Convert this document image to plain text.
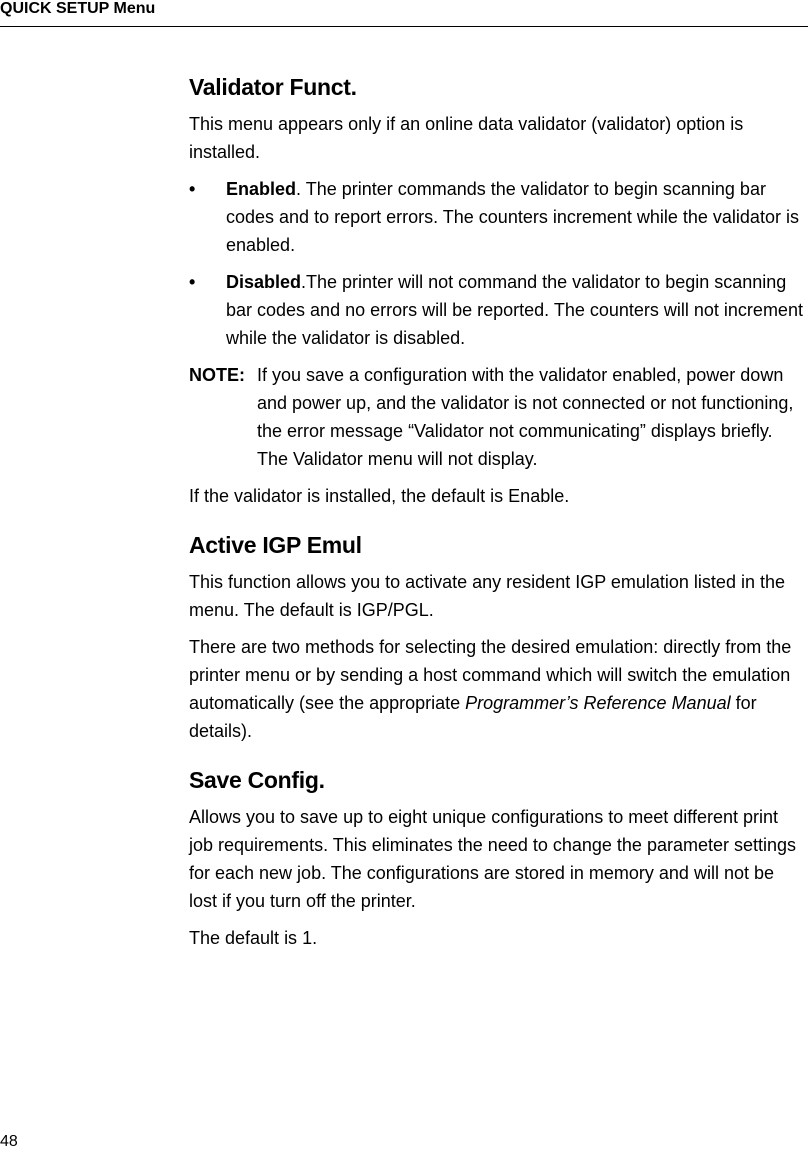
QUICK SETUP Menu
Validator Funct.

This menu appears only if an online data validator (validator) option is installed.

• Enabled. The printer commands the validator to begin scanning bar codes and to report errors. The counters increment while the validator is enabled.
• Disabled.The printer will not command the validator to begin scanning bar codes and no errors will be reported. The counters will not increment while the validator is disabled.
NOTE: If you save a configuration with the validator enabled, power down and power up, and the validator is not connected or not functioning, the error message “Validator not communicating” displays briefly. The Validator menu will not display.

If the validator is installed, the default is Enable.

Active IGP Emul

This function allows you to activate any resident IGP emulation listed in the menu. The default is IGP/PGL.

There are two methods for selecting the desired emulation: directly from the printer menu or by sending a host command which will switch the emulation automatically (see the appropriate Programmer’s Reference Manual for details).

Save Config.

Allows you to save up to eight unique configurations to meet different print job requirements. This eliminates the need to change the parameter settings for each new job. The configurations are stored in memory and will not be lost if you turn off the printer.

The default is 1.

48
